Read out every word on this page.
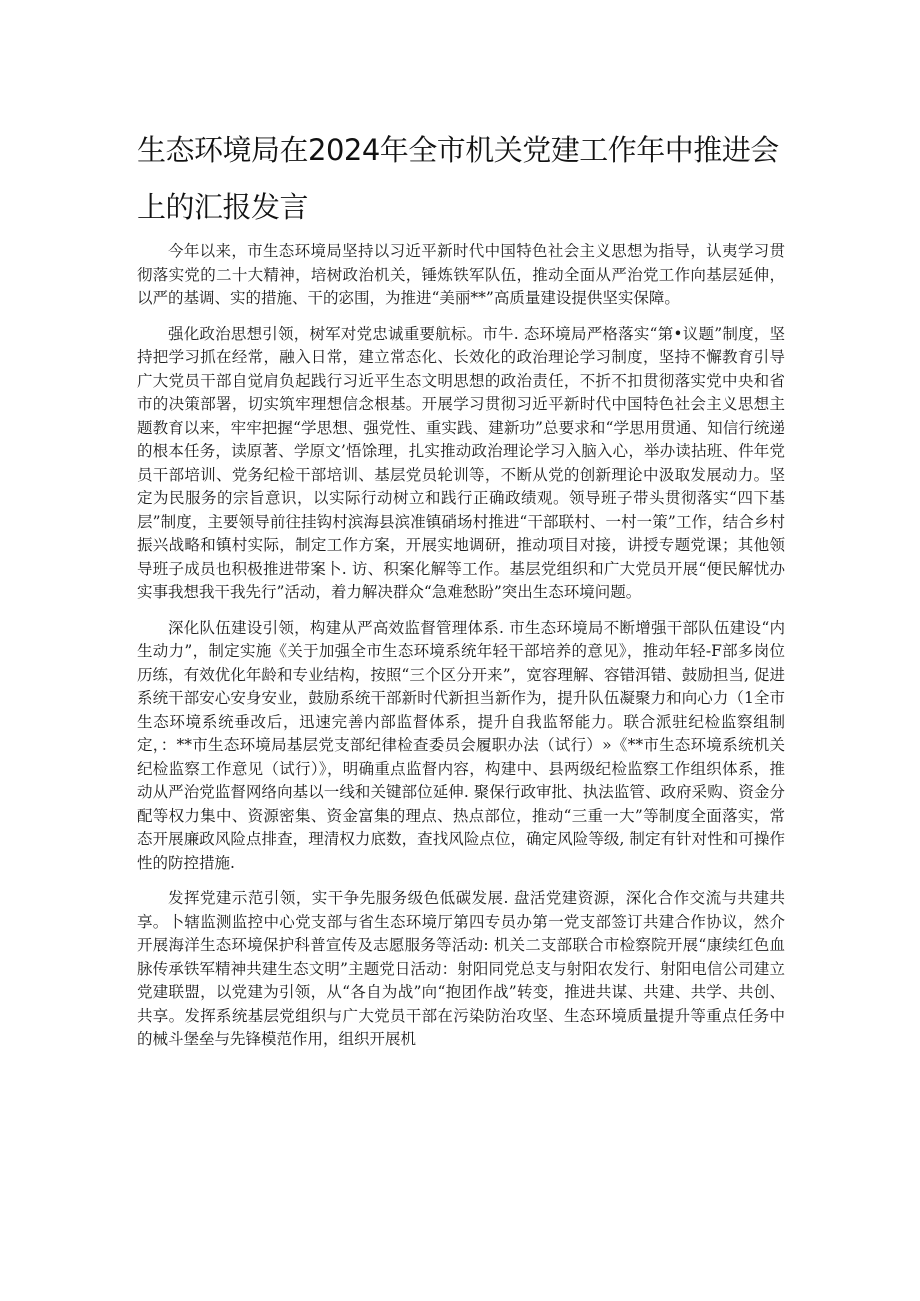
生态环境局在2024年全市机关党建工作年中推进会
上的汇报发言

今年以来，市生态环境局坚持以习近平新时代中国特色社会主义思想为指导，认夷学习贯彻落实党的二十大精神，培树政治机关，锤炼铁军队伍，推动全面从严治党工作向基层延伸，以严的基调、实的措施、干的宓围，为推进“美丽**”高质量建设提供坚实保障。

强化政治思想引领，树军对党忠诚重要航标。市牛. 态环境局严格落实“第•议题”制度，坚持把学习抓在经常，融入日常，建立常态化、长效化的政治理论学习制度，坚持不懈教育引导广大党员干部自觉肩负起践行习近平生态文明思想的政治责任，不折不扣贯彻落实党中央和省市的决策部署，切实筑牢理想信念根基。开展学习贯彻习近平新时代中国特色社会主义思想主题教育以来，牢牢把握“学思想、强党性、重实践、建新功”总要求和“学思用贯通、知信行统递的根本任务，读原著、学原文’悟馀理，扎实推动政治理论学习入脑入心，举办读拈班、件年党员干部培训、党务纪检干部培训、基层党员轮训等，不断从党的创新理论中汲取发展动力。坚定为民服务的宗旨意识，以实际行动树立和践行正确政绩观。领导班子带头贯彻落实“四下基层”制度，主要领导前往挂钩村滨海县滨准镇硝场村推进“干部联村、一村一策”工作，结合乡村振兴战略和镇村实际，制定工作方案，开展实地调研，推动项目对接，讲授专题党课；其他领导班子成员也积极推进带案卜. 访、积案化解等工作。基层党组织和广大党员开展“便民解忧办实事我想我干我先行”活动，着力解决群众“急难愁盼”突出生态环境问题。

深化队伍建设引领，构建从严高效监督管理体系. 市生态环境局不断增强干部队伍建设“内生动力”，制定实施《关于加强全市生态环境系统年轻干部培养的意见》，推动年轻-F部多岗位历练，有效优化年龄和专业结构，按照“三个区分开来”，宽容理解、容错洱错、鼓励担当, 促进系统干部安心安身安业，鼓励系统干部新时代新担当新作为，提升队伍凝聚力和向心力（1全市生态环境系统垂改后，迅速完善内部监督体系，提升自我监帑能力。联合派驻纪检监察组制定，：**市生态环境局基层党支部纪律检查委员会履职办法（试行）»《**市生态环境系统机关纪检监察工作意见（试行）》，明确重点监督内容，构建中、县两级纪检监察工作组织体系，推动从严治党监督网络向基以一线和关键部位延伸. 聚保行政审批、执法监管、政府采购、资金分配等权力集中、资源密集、资金富集的理点、热点部位，推动“三重一大”等制度全面落实，常态开展廉政风险点排查，理清权力底数，查找风险点位，确定风险等级, 制定有针对性和可操作性的防控措施.

发挥党建示范引领，实干争先服务级色低碳发展. 盘活党建资源，深化合作交流与共建共享。卜辖监测监控中心党支部与省生态环境厅第四专员办第一党支部签订共建合作协议，然介开展海洋生态环境保护科普宣传及志愿服务等活动: 机关二支部联合市检察院开展“康续红色血脉传承铁军精神共建生态文明”主题党日活动：射阳同党总支与射阳农发行、射阳电信公司建立党建联盟，以党建为引领，从“各自为战”向“抱团作战”转变，推进共谋、共建、共学、共创、共享。发挥系统基层党组织与广大党员干部在污染防治攻坚、生态环境质量提升等重点任务中的械斗堡垒与先锋模范作用，组织开展机
